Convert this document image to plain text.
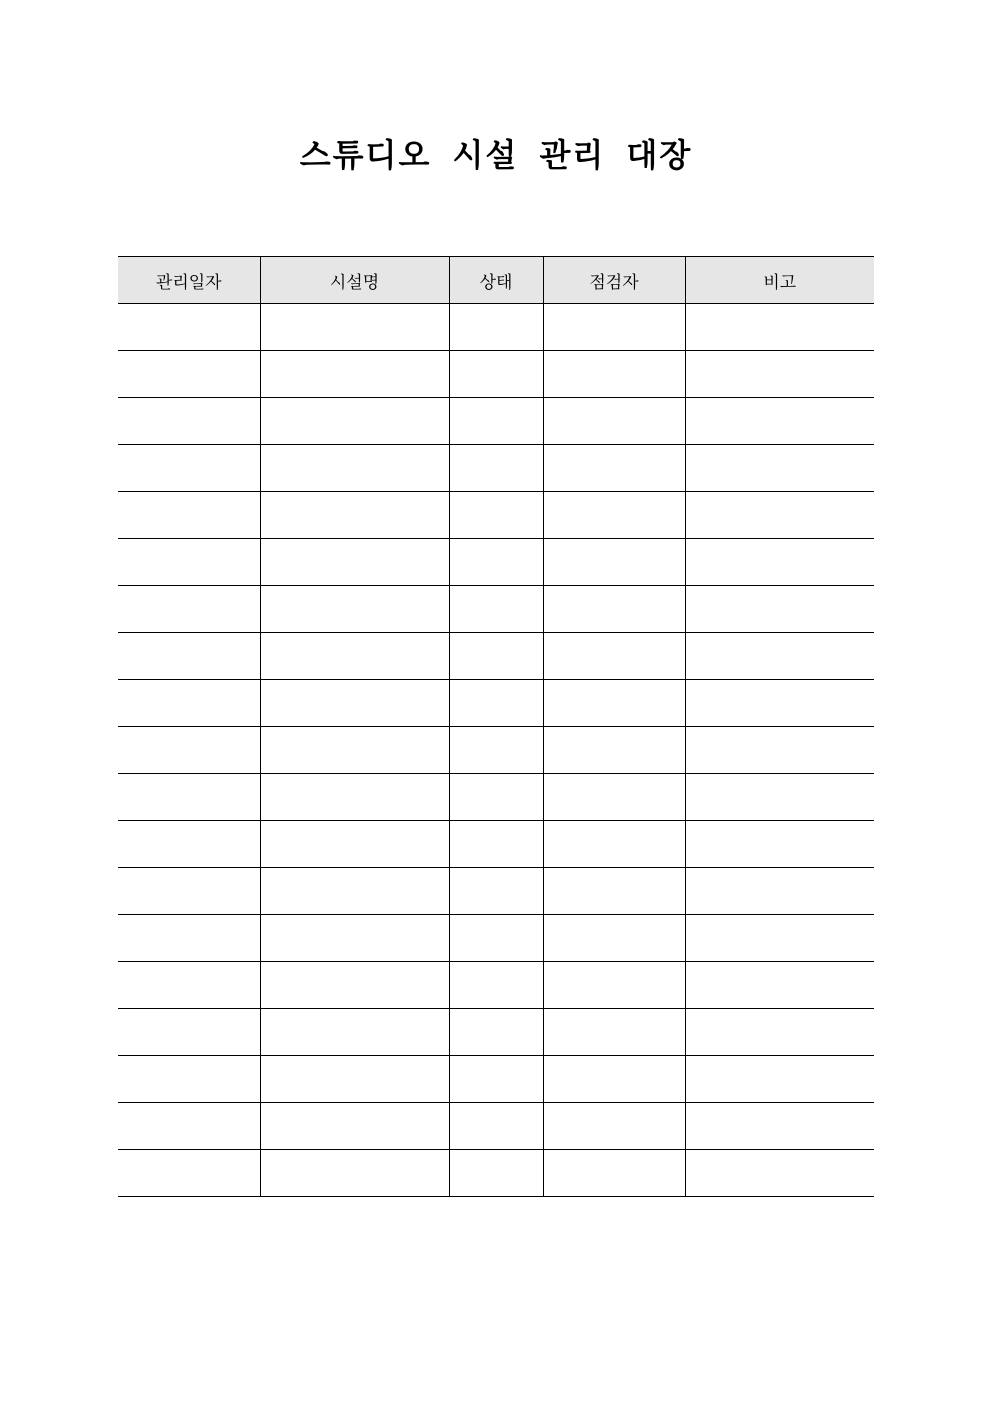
스튜디오 시설 관리 대장
관리일자	시설명	상태	점검자	비고
